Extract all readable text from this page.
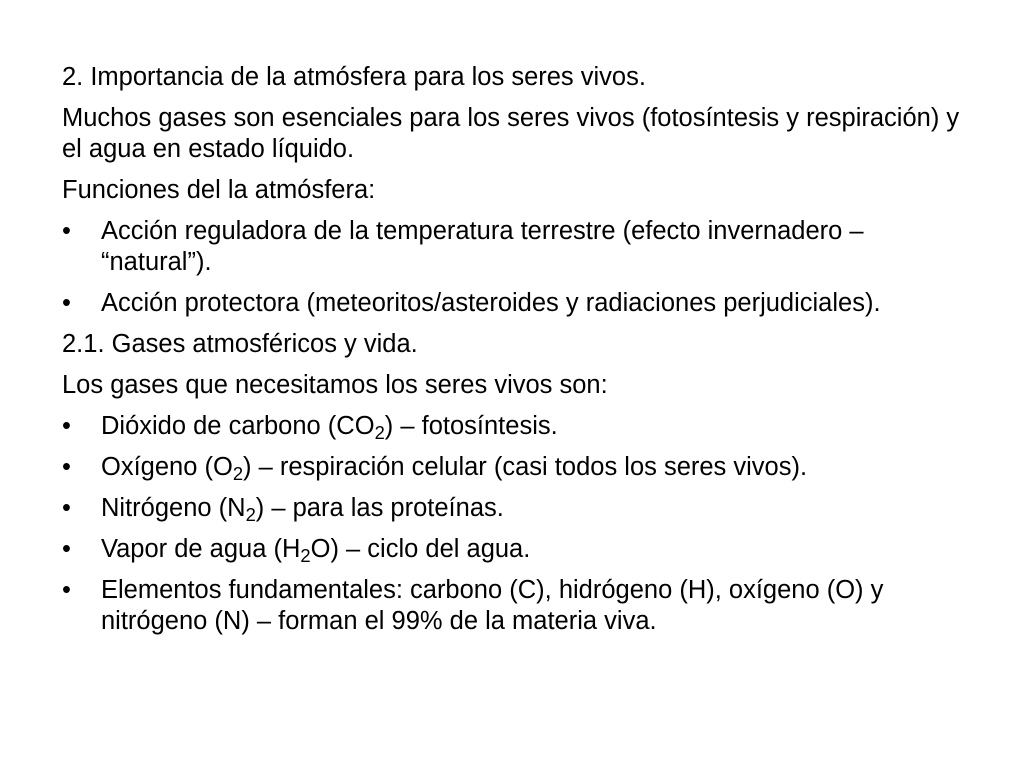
2. Importancia de la atmósfera para los seres vivos.

Muchos gases son esenciales para los seres vivos (fotosíntesis y respiración) y el agua en estado líquido.

Funciones del la atmósfera:

•	Acción reguladora de la temperatura terrestre (efecto invernadero – “natural”).
•	Acción protectora (meteoritos/asteroides y radiaciones perjudiciales).

2.1. Gases atmosféricos y vida.

Los gases que necesitamos los seres vivos son:

•	Dióxido de carbono $(CO_2)$ – fotosíntesis.
•	Oxígeno $(O_2)$ – respiración celular (casi todos los seres vivos).
•	Nitrógeno $(N_2)$ – para las proteínas.
•	Vapor de agua $(H_2O)$ – ciclo del agua.
•	Elementos fundamentales: carbono (C), hidrógeno (H), oxígeno (O) y nitrógeno (N) – forman el 99% de la materia viva.
